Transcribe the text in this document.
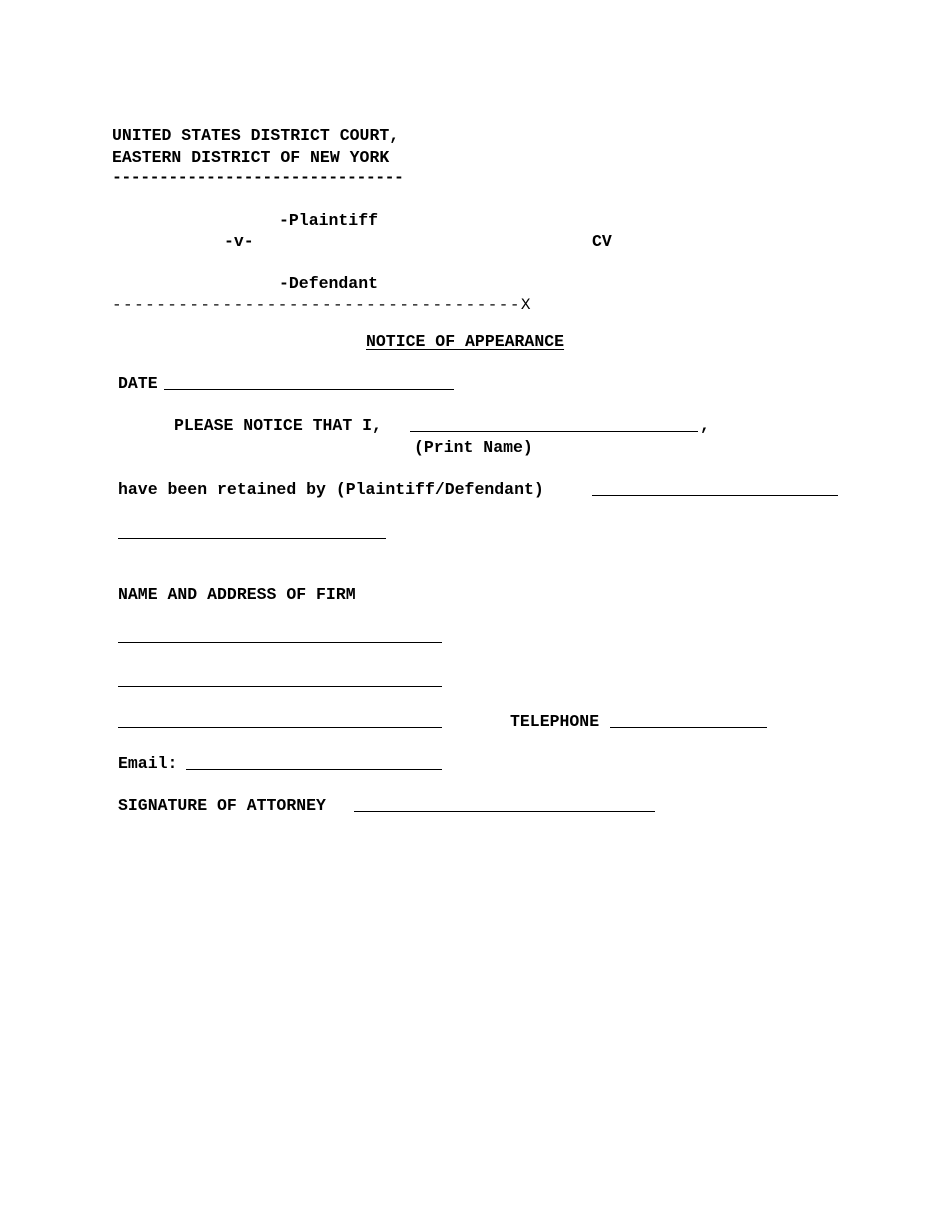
UNITED STATES DISTRICT COURT,
EASTERN DISTRICT OF NEW YORK
-------------------------------
-Plaintiff
-v-	CV
-Defendant
-------------------------------------X
NOTICE OF APPEARANCE
DATE
PLEASE NOTICE THAT I,	,
(Print Name)
have been retained by (Plaintiff/Defendant)
NAME AND ADDRESS OF FIRM
TELEPHONE
Email:
SIGNATURE OF ATTORNEY
